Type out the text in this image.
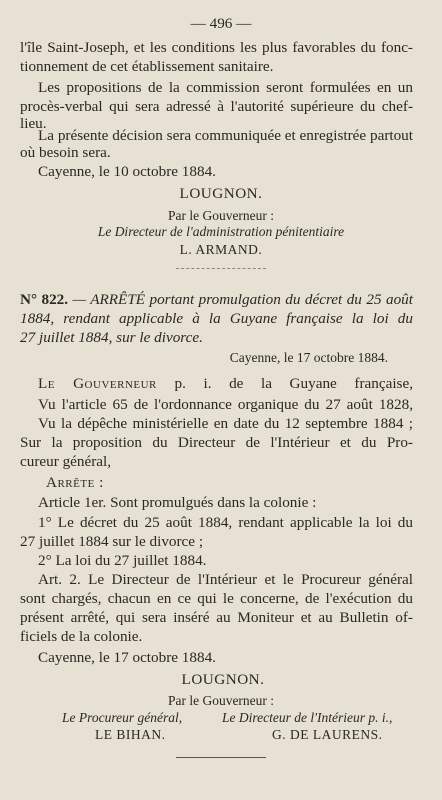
— 496 —
l'île Saint-Joseph, et les conditions les plus favorables du fonc-
tionnement de cet établissement sanitaire.
Les propositions de la commission seront formulées en un
procès-verbal qui sera adressé à l'autorité supérieure du chef-
lieu.
La présente décision sera communiquée et enregistrée partout
où besoin sera.
Cayenne, le 10 octobre 1884.
LOUGNON.
Par le Gouverneur :
Le Directeur de l'administration pénitentiaire
L. ARMAND.
N° 822. — ARRÊTÉ portant promulgation du décret du 25 août
1884, rendant applicable à la Guyane française la loi du
27 juillet 1884, sur le divorce.
Cayenne, le 17 octobre 1884.
Le Gouverneur p. i. de la Guyane française,
Vu l'article 65 de l'ordonnance organique du 27 août 1828,
Vu la dépêche ministérielle en date du 12 septembre 1884 ;
Sur la proposition du Directeur de l'Intérieur et du Pro-
cureur général,
Arrête :
Article 1er. Sont promulgués dans la colonie :
1° Le décret du 25 août 1884, rendant applicable la loi du
27 juillet 1884 sur le divorce ;
2° La loi du 27 juillet 1884.
Art. 2. Le Directeur de l'Intérieur et le Procureur général
sont chargés, chacun en ce qui le concerne, de l'exécution du
présent arrêté, qui sera inséré au Moniteur et au Bulletin of-
ficiels de la colonie.
Cayenne, le 17 octobre 1884.
LOUGNON.
Par le Gouverneur :
Le Procureur général,	Le Directeur de l'Intérieur p. i.,
LE BIHAN.	G. DE LAURENS.
